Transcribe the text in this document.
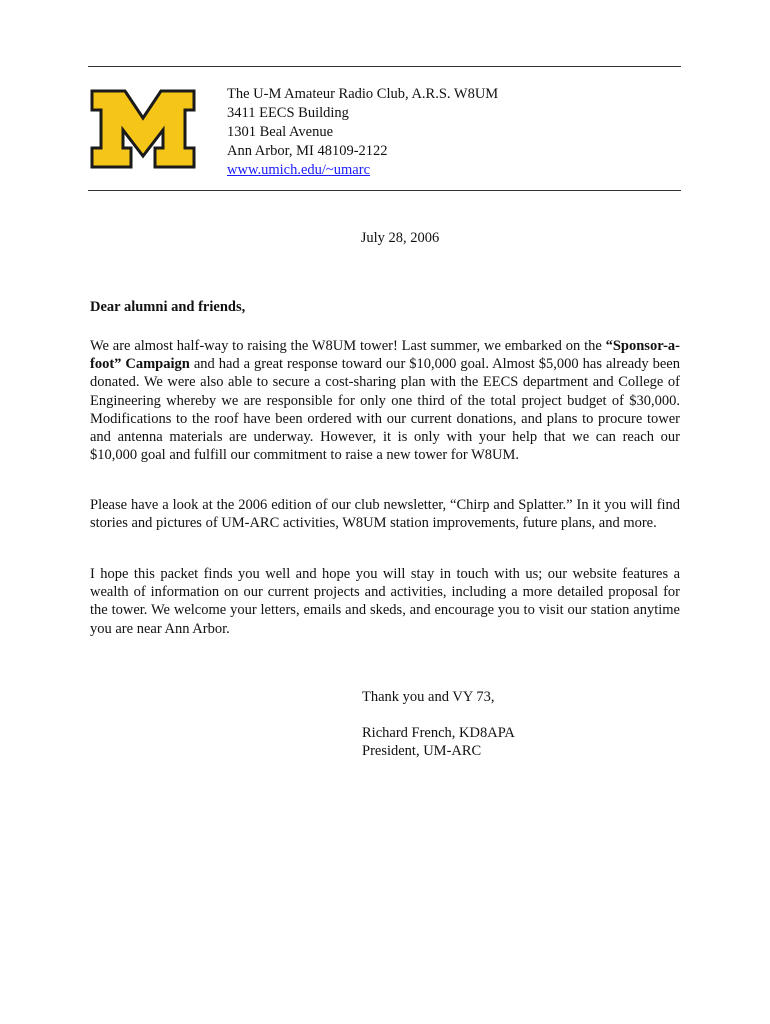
The U-M Amateur Radio Club, A.R.S. W8UM
3411 EECS Building
1301 Beal Avenue
Ann Arbor, MI 48109-2122
www.umich.edu/~umarc
July 28, 2006
Dear alumni and friends,
We are almost half-way to raising the W8UM tower! Last summer, we embarked on the “Sponsor-a-foot” Campaign and had a great response toward our $10,000 goal. Almost $5,000 has already been donated. We were also able to secure a cost-sharing plan with the EECS department and College of Engineering whereby we are responsible for only one third of the total project budget of $30,000. Modifications to the roof have been ordered with our current donations, and plans to procure tower and antenna materials are underway. However, it is only with your help that we can reach our $10,000 goal and fulfill our commitment to raise a new tower for W8UM.
Please have a look at the 2006 edition of our club newsletter, “Chirp and Splatter.” In it you will find stories and pictures of UM-ARC activities, W8UM station improvements, future plans, and more.
I hope this packet finds you well and hope you will stay in touch with us; our website features a wealth of information on our current projects and activities, including a more detailed proposal for the tower. We welcome your letters, emails and skeds, and encourage you to visit our station anytime you are near Ann Arbor.
Thank you and VY 73,
Richard French, KD8APA
President, UM-ARC
